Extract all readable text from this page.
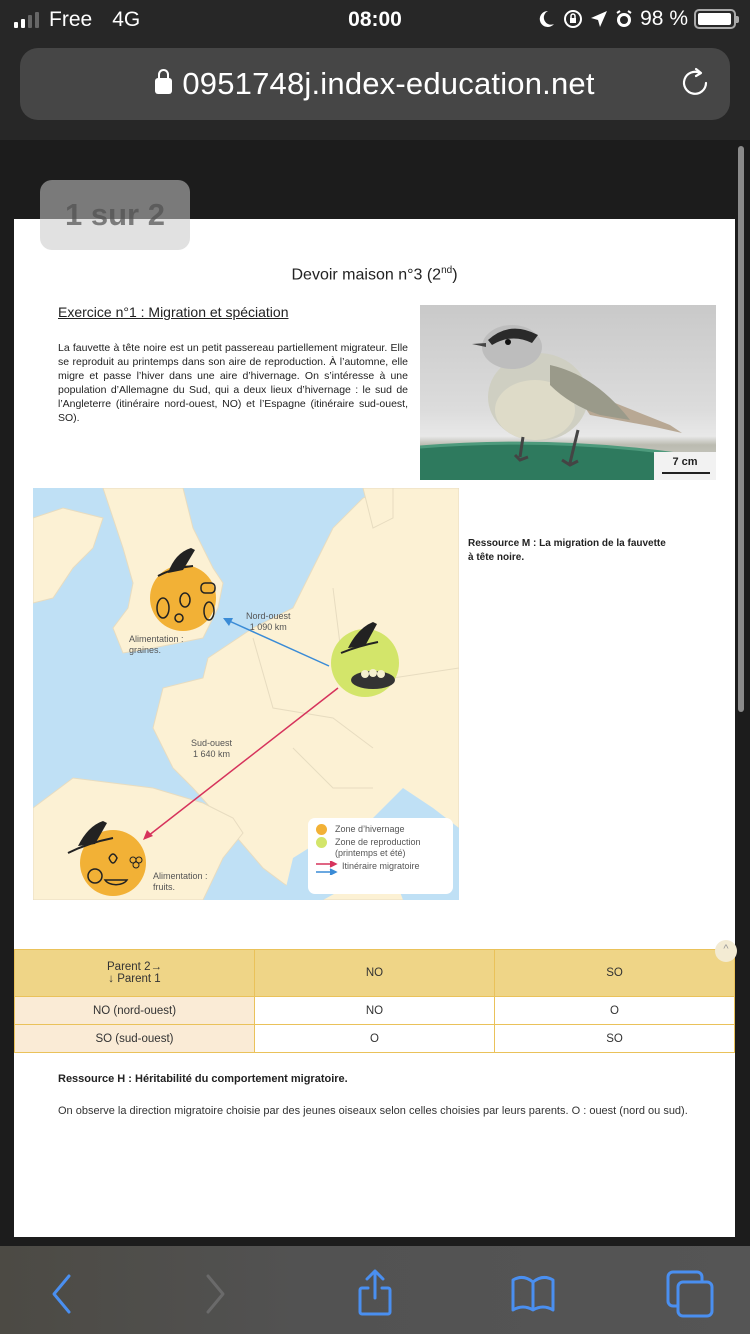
Free 4G	08:00	98 %
0951748j.index-education.net
1 sur 2
Devoir maison n°3 (2nd)
Exercice n°1 : Migration et spéciation
La fauvette à tête noire est un petit passereau partiellement migrateur. Elle se reproduit au printemps dans son aire de reproduction. À l’automne, elle migre et passe l’hiver dans une aire d’hivernage. On s’intéresse à une population d’Allemagne du Sud, qui a deux lieux d’hivernage : le sud de l’Angleterre (itinéraire nord-ouest, NO) et l’Espagne (itinéraire sud-ouest, SO).
7 cm
Nord-ouest
1 090 km
Sud-ouest
1 640 km
Alimentation :
graines.
Alimentation :
fruits.
Zone d’hivernage
Zone de reproduction
(printemps et été)
Itinéraire migratoire
Ressource M : La migration de la fauvette à tête noire.
Parent 2→
↓ Parent 1	NO	SO
NO (nord-ouest)	NO	O
SO (sud-ouest)	O	SO
^
Ressource H : Héritabilité du comportement migratoire.
On observe la direction migratoire choisie par des jeunes oiseaux selon celles choisies par leurs parents. O : ouest (nord ou sud).
